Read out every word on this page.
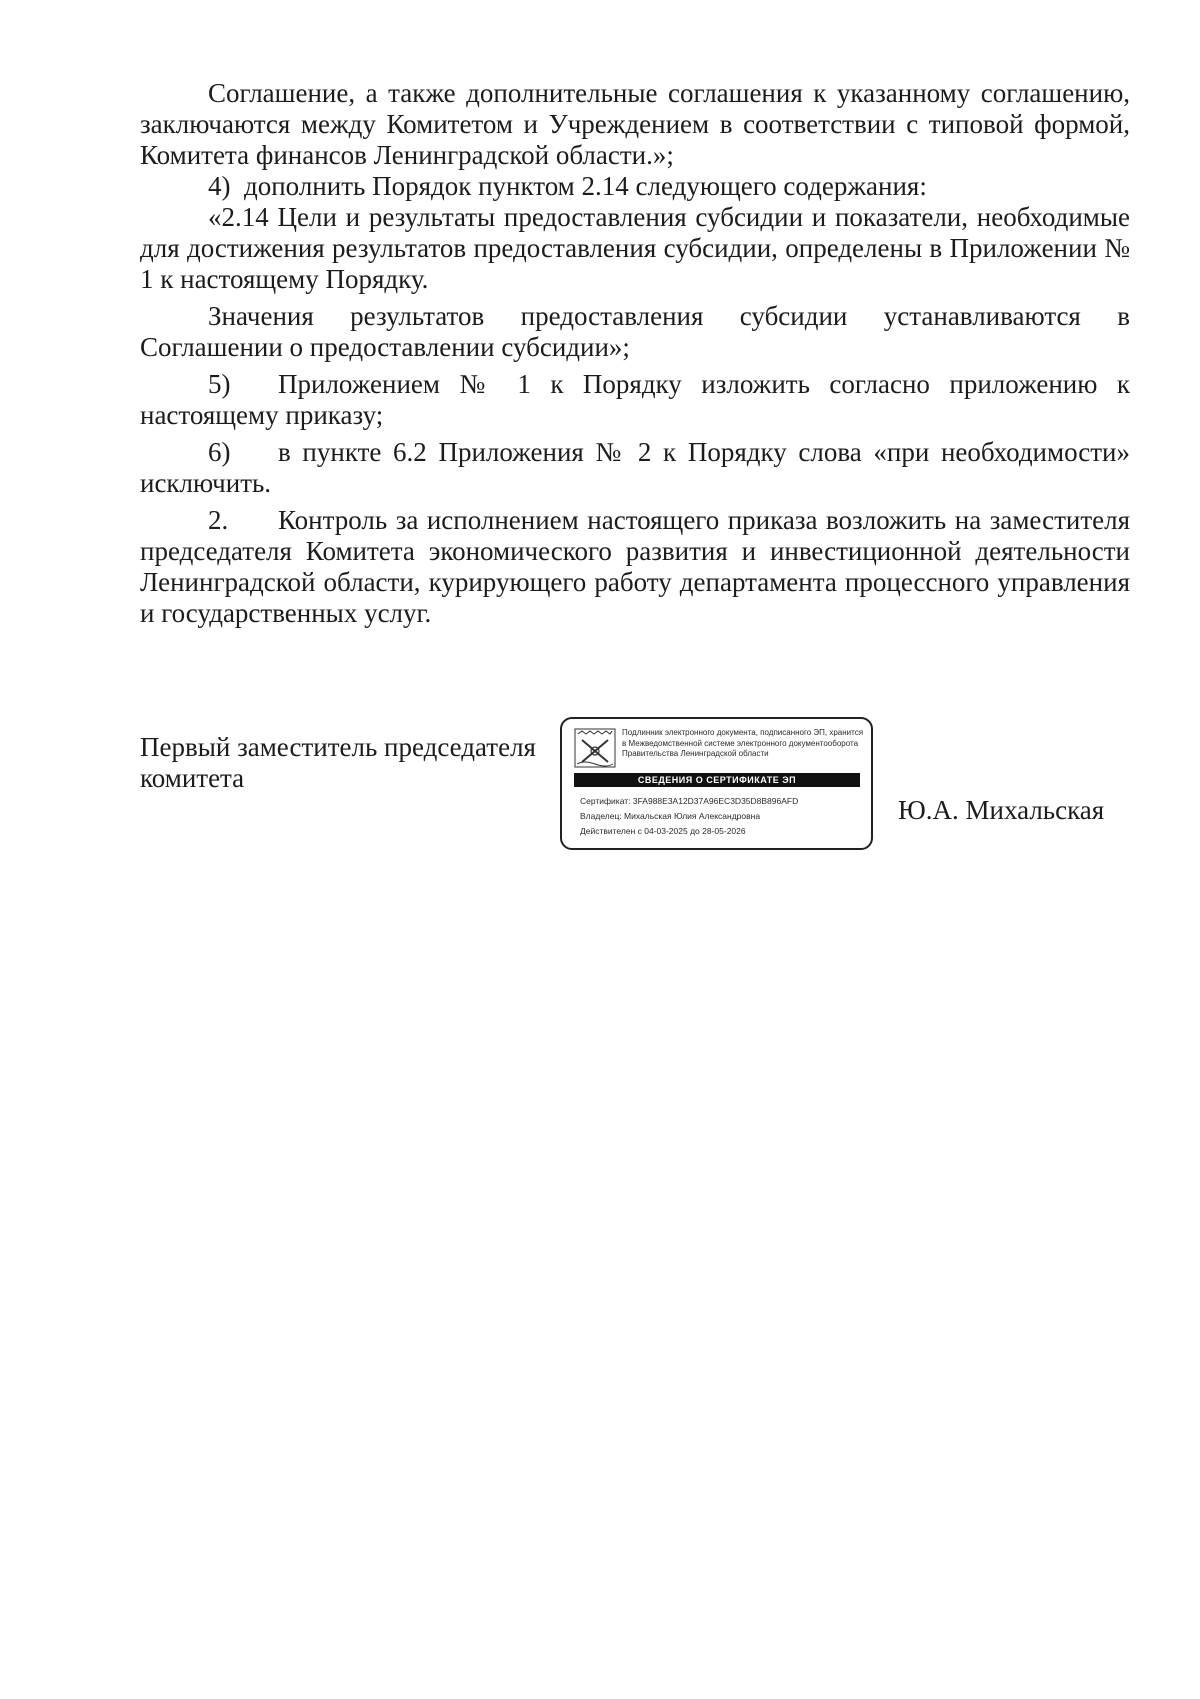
Соглашение, а также дополнительные соглашения к указанному соглашению, заключаются между Комитетом и Учреждением в соответствии с типовой формой, Комитета финансов Ленинградской области.»;

4) дополнить Порядок пунктом 2.14 следующего содержания:

«2.14 Цели и результаты предоставления субсидии и показатели, необходимые для достижения результатов предоставления субсидии, определены в Приложении № 1 к настоящему Порядку.

Значения результатов предоставления субсидии устанавливаются в Соглашении о предоставлении субсидии»;

5) Приложением № 1 к Порядку изложить согласно приложению к настоящему приказу;

6) в пункте 6.2 Приложения № 2 к Порядку слова «при необходимости» исключить.

2. Контроль за исполнением настоящего приказа возложить на заместителя председателя Комитета экономического развития и инвестиционной деятельности Ленинградской области, курирующего работу департамента процессного управления и государственных услуг.

Первый заместитель председателя
комитета
Подлинник электронного документа, подписанного ЭП, хранится в Межведомственной системе электронного документооборота Правительства Ленинградской области
СВЕДЕНИЯ О СЕРТИФИКАТЕ ЭП
Сертификат: 3FA988E3A12D37A96EC3D35D8B896AFD
Владелец: Михальская Юлия Александровна
Действителен с 04-03-2025 до 28-05-2026
Ю.А. Михальская
